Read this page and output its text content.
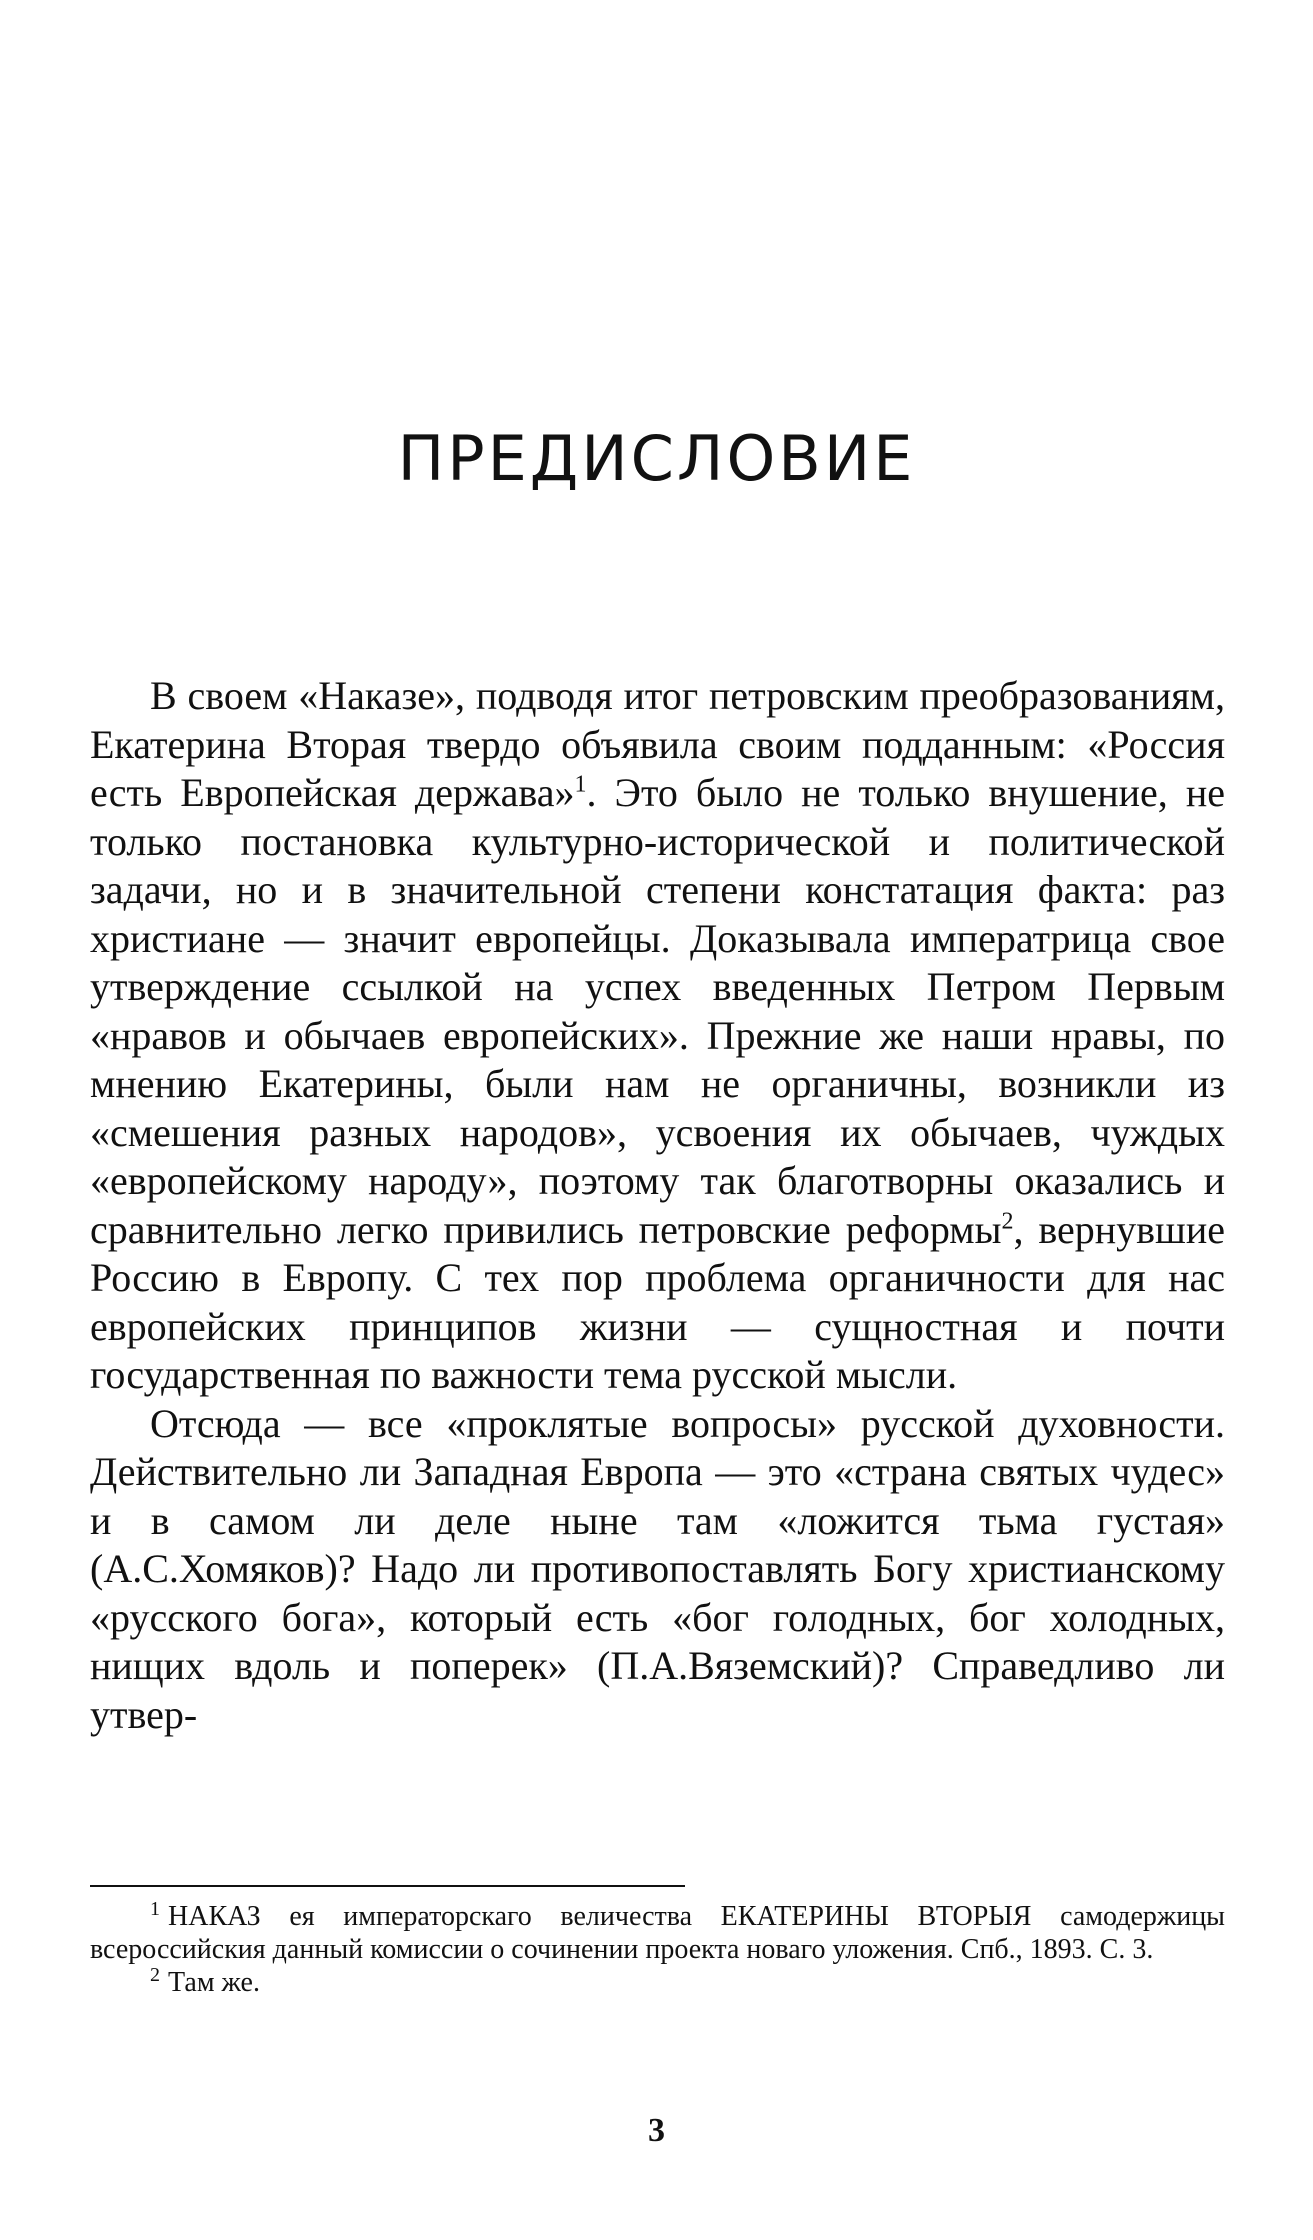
ПРЕДИСЛОВИЕ

В своем «Наказе», подводя итог петровским преобразованиям, Екатерина Вторая твердо объявила своим подданным: «Россия есть Европейская держава»$^1$. Это было не только внушение, не только постановка культурно-исторической и политической задачи, но и в значительной степени констатация факта: раз христиане — значит европейцы. Доказывала императрица свое утверждение ссылкой на успех введенных Петром Первым «нравов и обычаев европейских». Прежние же наши нравы, по мнению Екатерины, были нам не органичны, возникли из «смешения разных народов», усвоения их обычаев, чуждых «европейскому народу», поэтому так благотворны оказались и сравнительно легко привились петровские реформы$^2$, вернувшие Россию в Европу. С тех пор проблема органичности для нас европейских принципов жизни — сущностная и почти государственная по важности тема русской мысли.

Отсюда — все «проклятые вопросы» русской духовности. Действительно ли Западная Европа — это «страна святых чудес» и в самом ли деле ныне там «ложится тьма густая» (А.С.Хомяков)? Надо ли противопоставлять Богу христианскому «русского бога», который есть «бог голодных, бог холодных, нищих вдоль и поперек» (П.А.Вяземский)? Справедливо ли утвер-

$^1$ НАКАЗ ея императорскаго величества ЕКАТЕРИНЫ ВТОРЫЯ самодержицы всероссийския данный комиссии о сочинении проекта новаго уложения. Спб., 1893. С. 3.

$^2$ Там же.

3
